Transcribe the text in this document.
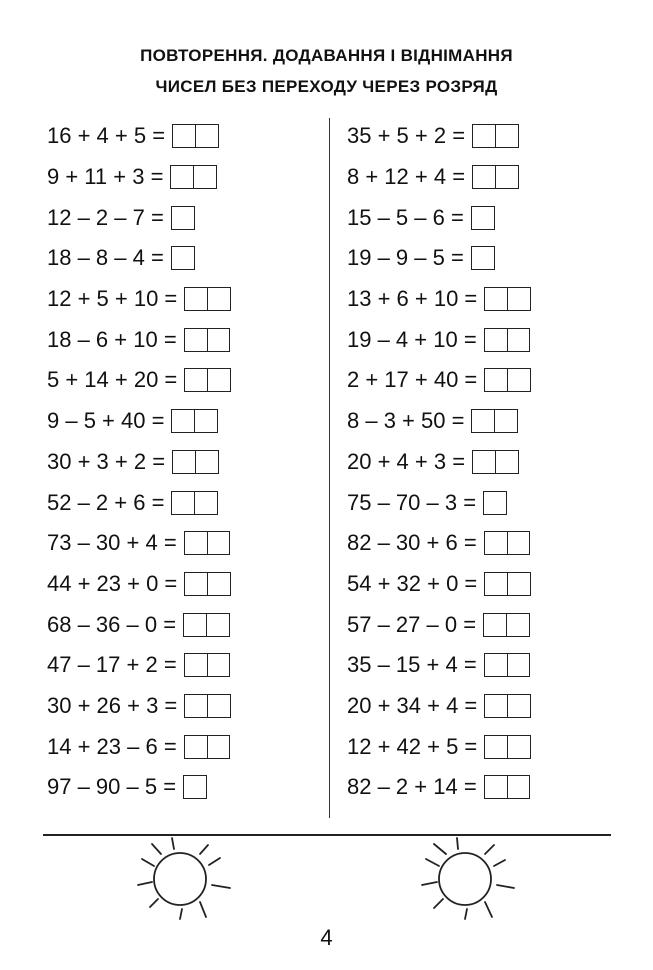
ПОВТОРЕННЯ. ДОДАВАННЯ І ВІДНІМАННЯ
ЧИСЕЛ БЕЗ ПЕРЕХОДУ ЧЕРЕЗ РОЗРЯД
16 + 4 + 5 =
9 + 11 + 3 =
12 – 2 – 7 =
18 – 8 – 4 =
12 + 5 + 10 =
18 – 6 + 10 =
5 + 14 + 20 =
9 – 5 + 40 =
30 + 3 + 2 =
52 – 2 + 6 =
73 – 30 + 4 =
44 + 23 + 0 =
68 – 36 – 0 =
47 – 17 + 2 =
30 + 26 + 3 =
14 + 23 – 6 =
97 – 90 – 5 =
35 + 5 + 2 =
8 + 12 + 4 =
15 – 5 – 6 =
19 – 9 – 5 =
13 + 6 + 10 =
19 – 4 + 10 =
2 + 17 + 40 =
8 – 3 + 50 =
20 + 4 + 3 =
75 – 70 – 3 =
82 – 30 + 6 =
54 + 32 + 0 =
57 – 27 – 0 =
35 – 15 + 4 =
20 + 34 + 4 =
12 + 42 + 5 =
82 – 2 + 14 =
4
